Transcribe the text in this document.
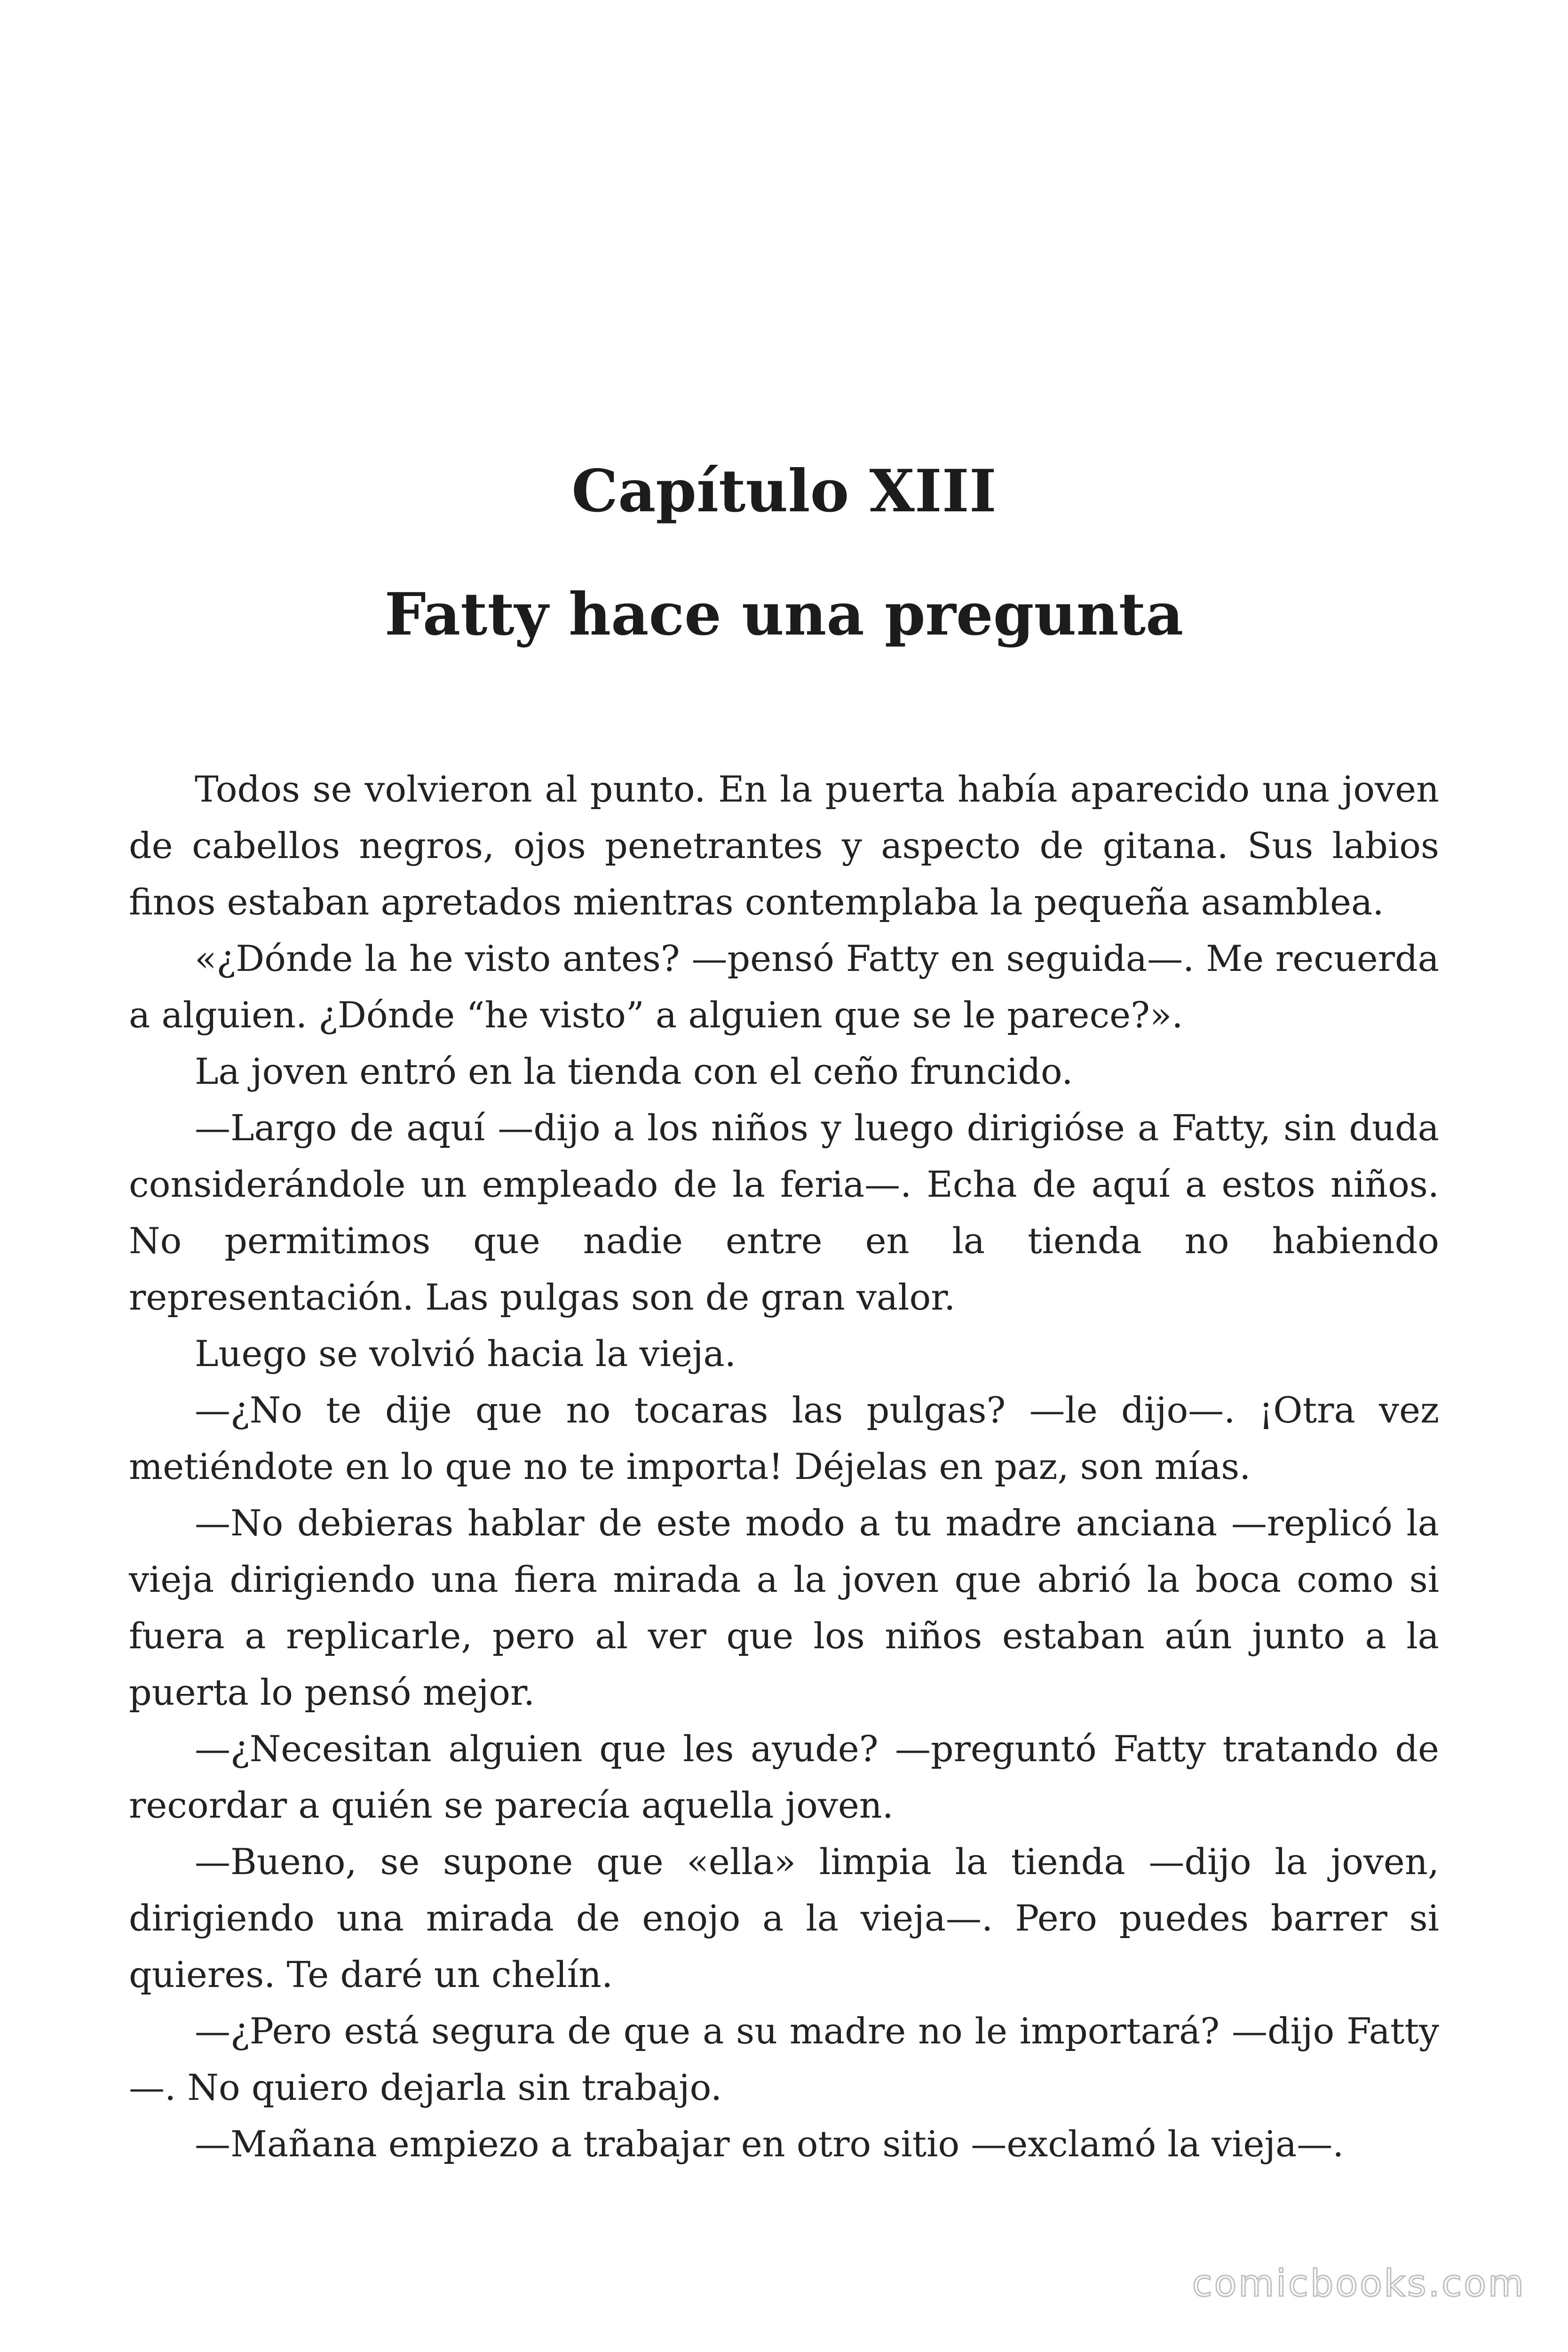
Capítulo XIII
Fatty hace una pregunta

Todos se volvieron al punto. En la puerta había aparecido una joven de cabellos negros, ojos penetrantes y aspecto de gitana. Sus labios finos estaban apretados mientras contemplaba la pequeña asamblea.

«¿Dónde la he visto antes? —pensó Fatty en seguida—. Me recuerda a alguien. ¿Dónde “he visto” a alguien que se le parece?».

La joven entró en la tienda con el ceño fruncido.

—Largo de aquí —dijo a los niños y luego dirigióse a Fatty, sin duda considerándole un empleado de la feria—. Echa de aquí a estos niños. No permitimos que nadie entre en la tienda no habiendo representación. Las pulgas son de gran valor.

Luego se volvió hacia la vieja.

—¿No te dije que no tocaras las pulgas? —le dijo—. ¡Otra vez metiéndote en lo que no te importa! Déjelas en paz, son mías.

—No debieras hablar de este modo a tu madre anciana —replicó la vieja dirigiendo una fiera mirada a la joven que abrió la boca como si fuera a replicarle, pero al ver que los niños estaban aún junto a la puerta lo pensó mejor.

—¿Necesitan alguien que les ayude? —preguntó Fatty tratando de recordar a quién se parecía aquella joven.

—Bueno, se supone que «ella» limpia la tienda —dijo la joven, dirigiendo una mirada de enojo a la vieja—. Pero puedes barrer si quieres. Te daré un chelín.

—¿Pero está segura de que a su madre no le importará? —dijo Fatty—. No quiero dejarla sin trabajo.

—Mañana empiezo a trabajar en otro sitio —exclamó la vieja—.

comicbooks.com
